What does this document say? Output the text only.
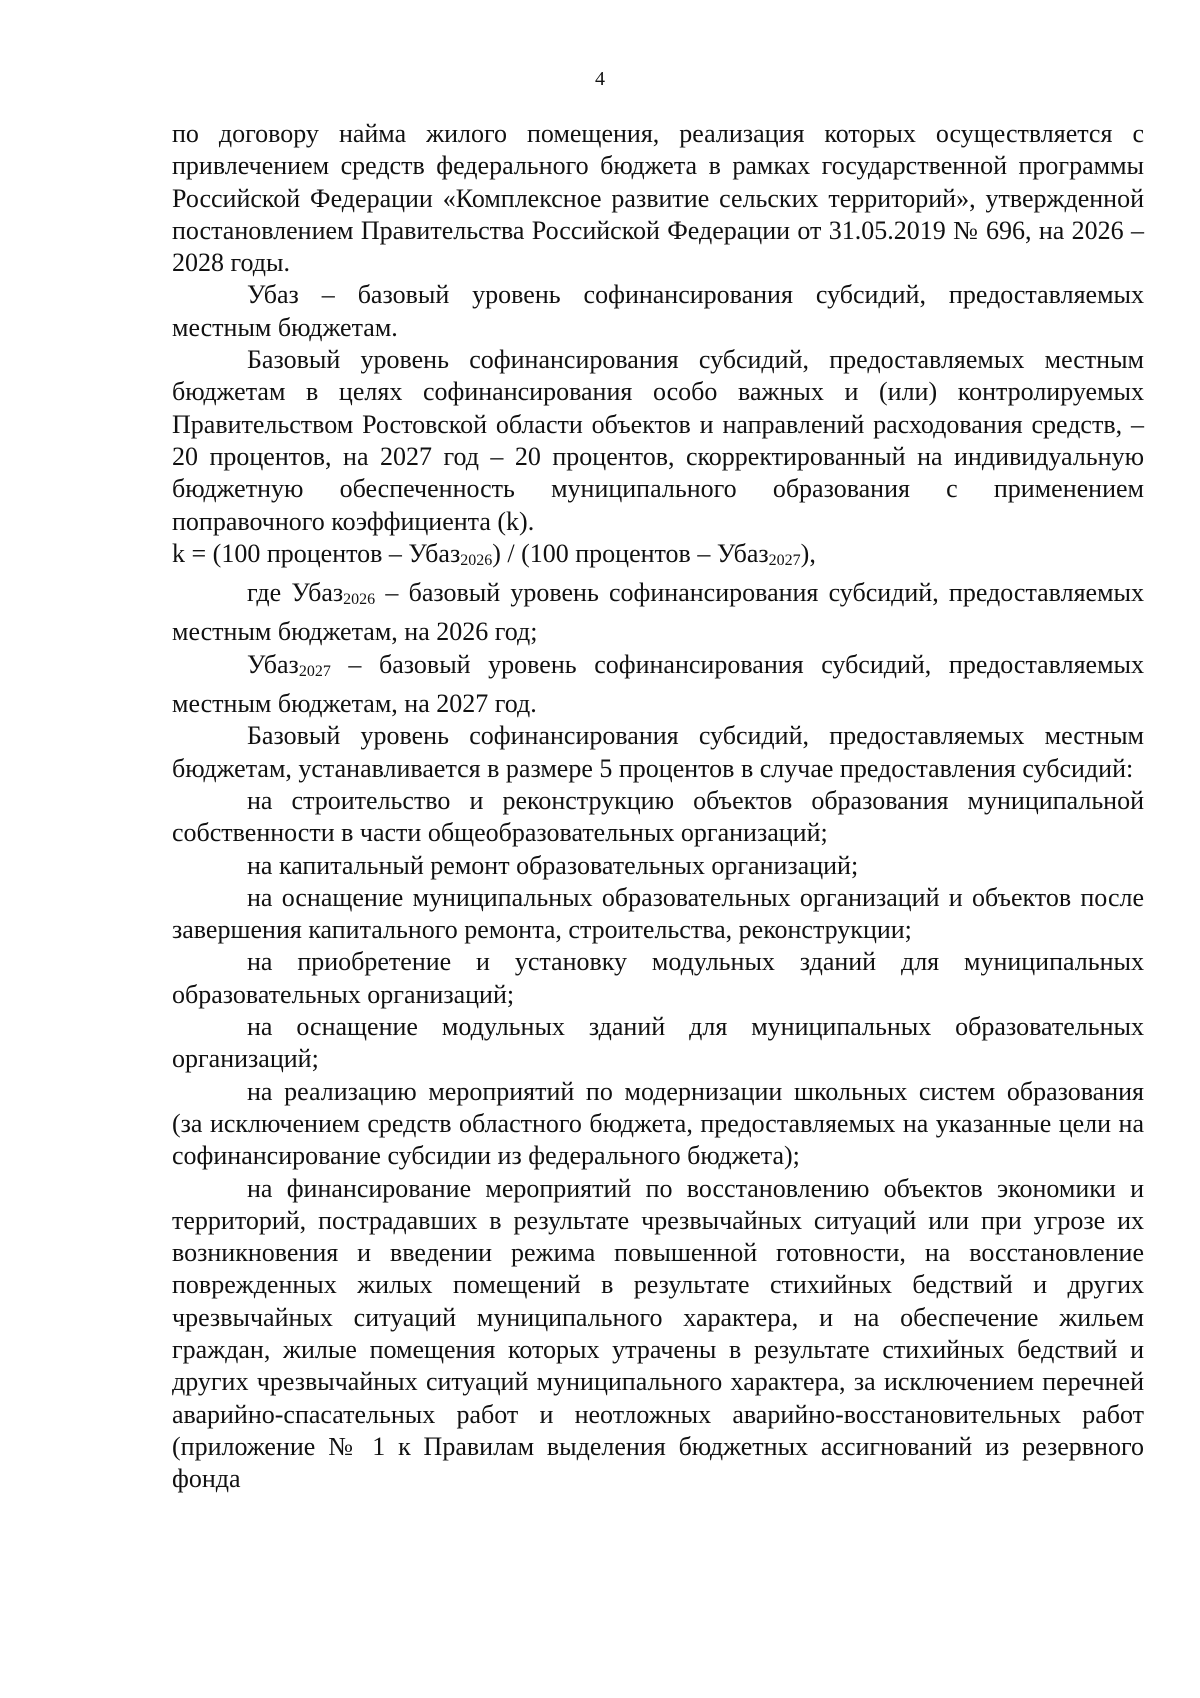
4

по договору найма жилого помещения, реализация которых осуществляется с привлечением средств федерального бюджета в рамках государственной программы Российской Федерации «Комплексное развитие сельских территорий», утвержденной постановлением Правительства Российской Федерации от 31.05.2019 № 696, на 2026 – 2028 годы.

Убаз – базовый уровень софинансирования субсидий, предоставляемых местным бюджетам.

Базовый уровень софинансирования субсидий, предоставляемых местным бюджетам в целях софинансирования особо важных и (или) контролируемых Правительством Ростовской области объектов и направлений расходования средств, – 20 процентов, на 2027 год – 20 процентов, скорректированный на индивидуальную бюджетную обеспеченность муниципального образования с применением поправочного коэффициента (k).

k = (100 процентов – Убаз2026) / (100 процентов – Убаз2027),

где Убаз2026 – базовый уровень софинансирования субсидий, предоставляемых местным бюджетам, на 2026 год;

Убаз2027 – базовый уровень софинансирования субсидий, предоставляемых местным бюджетам, на 2027 год.

Базовый уровень софинансирования субсидий, предоставляемых местным бюджетам, устанавливается в размере 5 процентов в случае предоставления субсидий:

на строительство и реконструкцию объектов образования муниципальной собственности в части общеобразовательных организаций;

на капитальный ремонт образовательных организаций;

на оснащение муниципальных образовательных организаций и объектов после завершения капитального ремонта, строительства, реконструкции;

на приобретение и установку модульных зданий для муниципальных образовательных организаций;

на оснащение модульных зданий для муниципальных образовательных организаций;

на реализацию мероприятий по модернизации школьных систем образования (за исключением средств областного бюджета, предоставляемых на указанные цели на софинансирование субсидии из федерального бюджета);

на финансирование мероприятий по восстановлению объектов экономики и территорий, пострадавших в результате чрезвычайных ситуаций или при угрозе их возникновения и введении режима повышенной готовности, на восстановление поврежденных жилых помещений в результате стихийных бедствий и других чрезвычайных ситуаций муниципального характера, и на обеспечение жильем граждан, жилые помещения которых утрачены в результате стихийных бедствий и других чрезвычайных ситуаций муниципального характера, за исключением перечней аварийно-спасательных работ и неотложных аварийно-восстановительных работ (приложение № 1 к Правилам выделения бюджетных ассигнований из резервного фонда
